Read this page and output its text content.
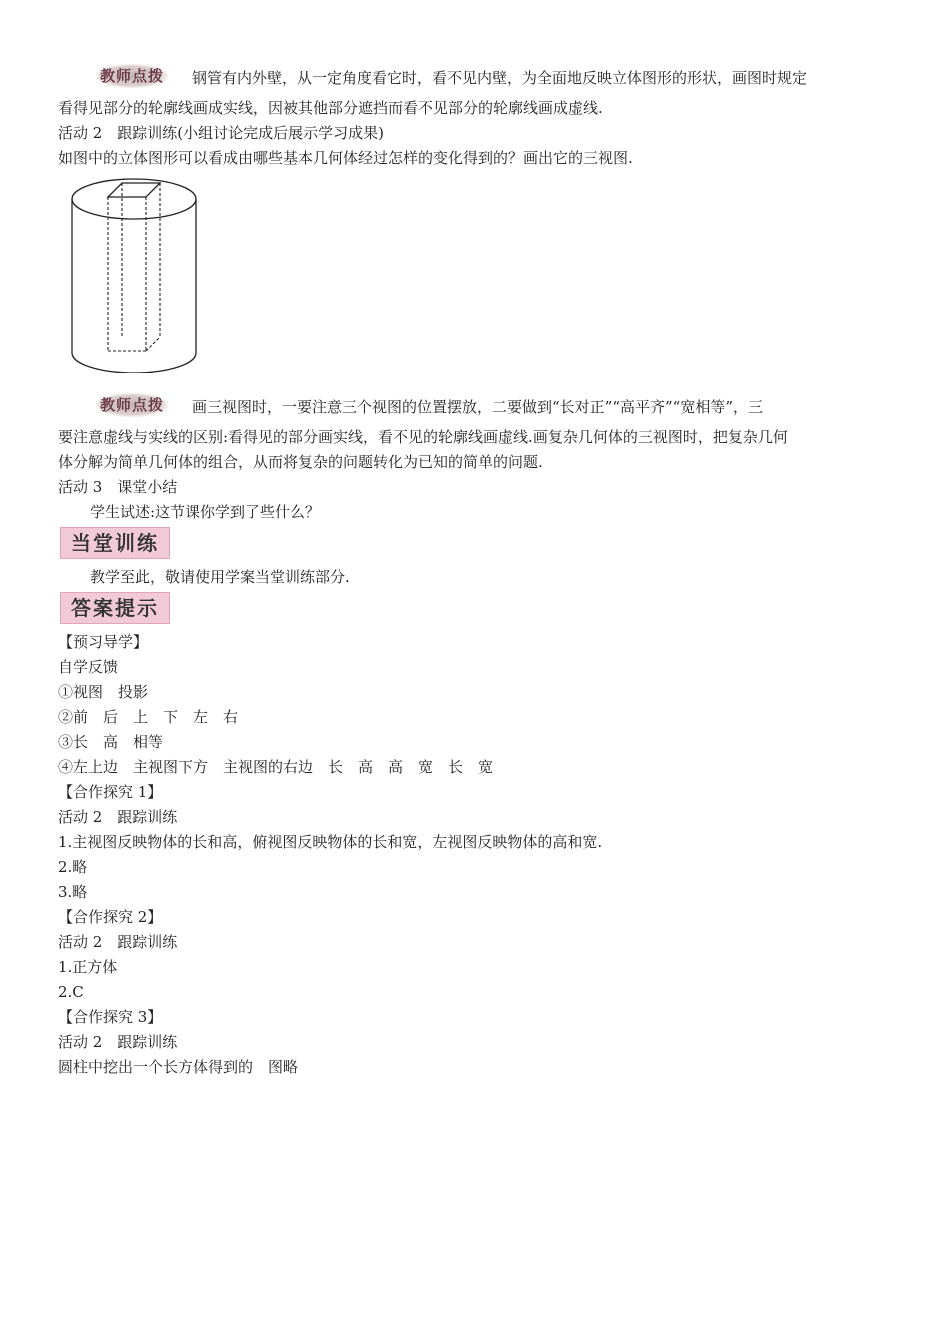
教师点拨 钢管有内外壁，从一定角度看它时，看不见内壁，为全面地反映立体图形的形状，画图时规定
看得见部分的轮廓线画成实线，因被其他部分遮挡而看不见部分的轮廓线画成虚线.
活动 2　跟踪训练(小组讨论完成后展示学习成果)
如图中的立体图形可以看成由哪些基本几何体经过怎样的变化得到的？画出它的三视图.
教师点拨 画三视图时，一要注意三个视图的位置摆放，二要做到“长对正”“高平齐”“宽相等”，三
要注意虚线与实线的区别:看得见的部分画实线，看不见的轮廓线画虚线.画复杂几何体的三视图时，把复杂几何
体分解为简单几何体的组合，从而将复杂的问题转化为已知的简单的问题.
活动 3　课堂小结
学生试述:这节课你学到了些什么？
当堂训练
教学至此，敬请使用学案当堂训练部分.
答案提示
【预习导学】
自学反馈
①视图　投影
②前　后　上　下　左　右
③长　高　相等
④左上边　主视图下方　主视图的右边　长　高　高　宽　长　宽
【合作探究 1】
活动 2　跟踪训练
1.主视图反映物体的长和高，俯视图反映物体的长和宽，左视图反映物体的高和宽.
2.略
3.略
【合作探究 2】
活动 2　跟踪训练
1.正方体
2.C
【合作探究 3】
活动 2　跟踪训练
圆柱中挖出一个长方体得到的　图略
